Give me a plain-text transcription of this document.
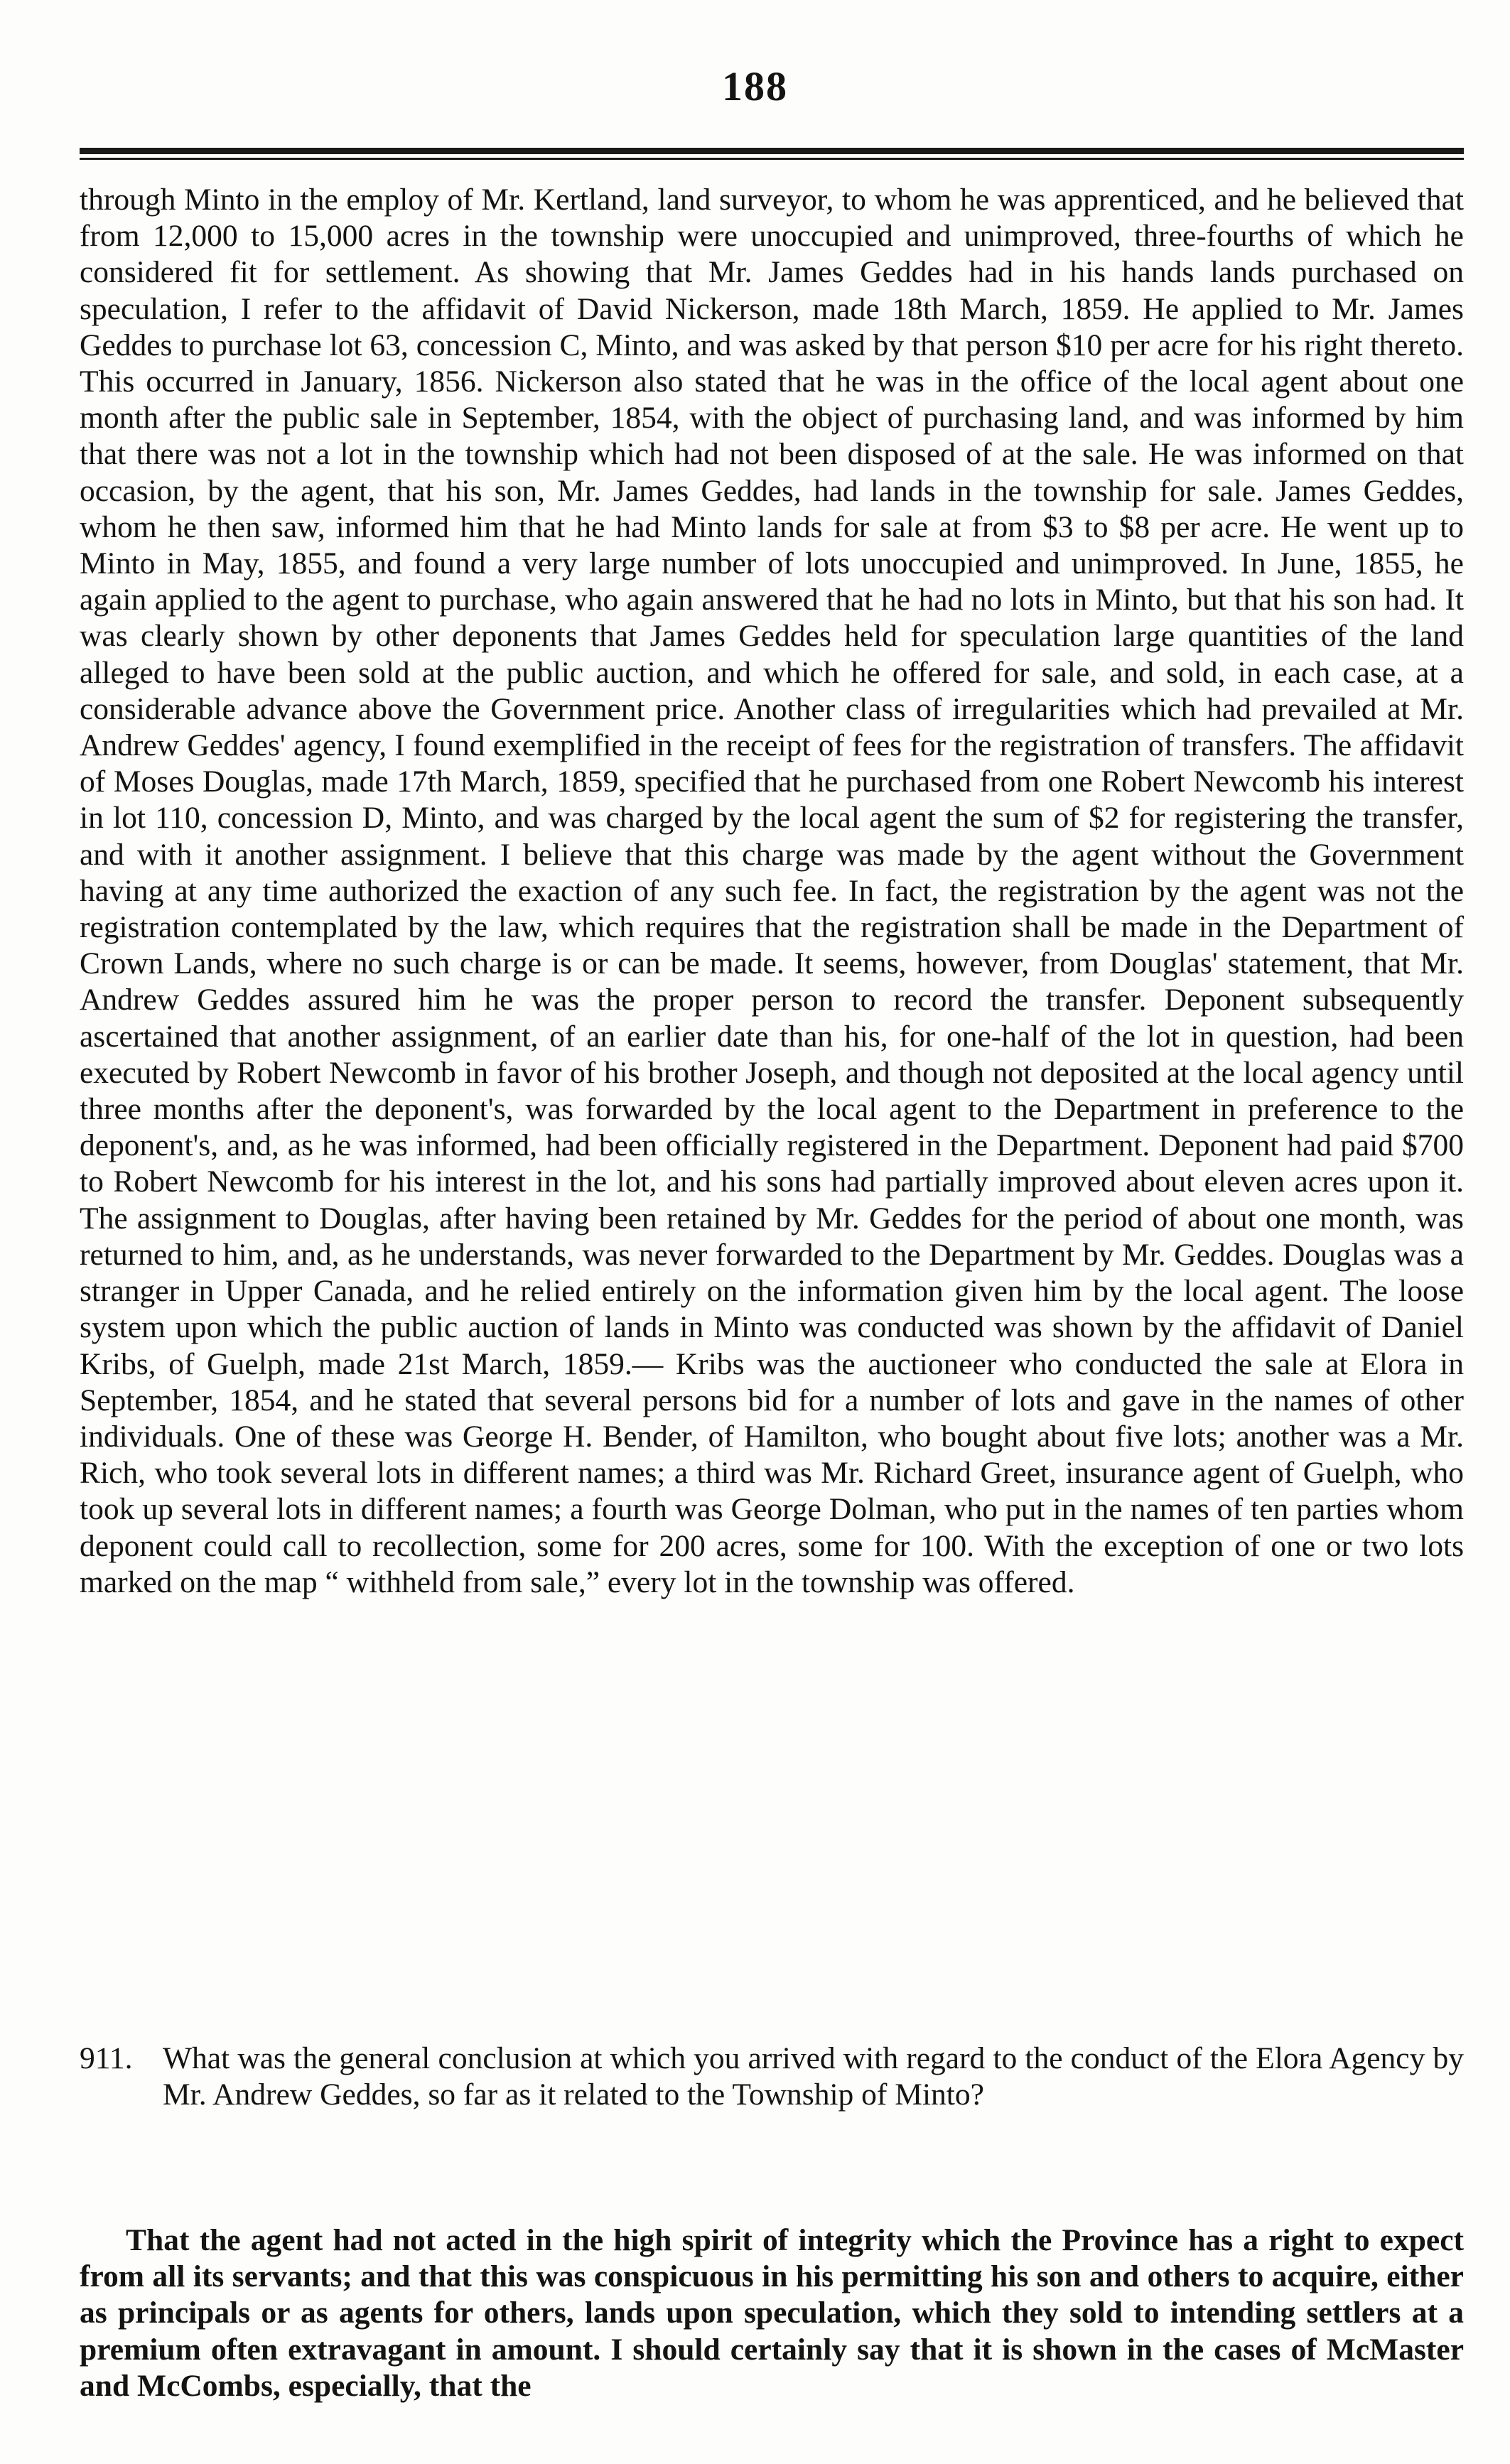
188

through Minto in the employ of Mr. Kertland, land surveyor, to whom he was apprenticed, and he believed that from 12,000 to 15,000 acres in the township were unoccupied and unimproved, three-fourths of which he considered fit for settlement. As showing that Mr. James Geddes had in his hands lands purchased on speculation, I refer to the affidavit of David Nickerson, made 18th March, 1859. He applied to Mr. James Geddes to purchase lot 63, concession C, Minto, and was asked by that person $10 per acre for his right thereto. This occurred in January, 1856. Nickerson also stated that he was in the office of the local agent about one month after the public sale in September, 1854, with the object of purchasing land, and was informed by him that there was not a lot in the township which had not been disposed of at the sale. He was informed on that occasion, by the agent, that his son, Mr. James Geddes, had lands in the township for sale. James Geddes, whom he then saw, informed him that he had Minto lands for sale at from $3 to $8 per acre. He went up to Minto in May, 1855, and found a very large number of lots unoccupied and unimproved. In June, 1855, he again applied to the agent to purchase, who again answered that he had no lots in Minto, but that his son had. It was clearly shown by other deponents that James Geddes held for speculation large quantities of the land alleged to have been sold at the public auction, and which he offered for sale, and sold, in each case, at a considerable advance above the Government price. Another class of irregularities which had prevailed at Mr. Andrew Geddes' agency, I found exemplified in the receipt of fees for the registration of transfers. The affidavit of Moses Douglas, made 17th March, 1859, specified that he purchased from one Robert Newcomb his interest in lot 110, concession D, Minto, and was charged by the local agent the sum of $2 for registering the transfer, and with it another assignment. I believe that this charge was made by the agent without the Government having at any time authorized the exaction of any such fee. In fact, the registration by the agent was not the registration contemplated by the law, which requires that the registration shall be made in the Department of Crown Lands, where no such charge is or can be made. It seems, however, from Douglas' statement, that Mr. Andrew Geddes assured him he was the proper person to record the transfer. Deponent subsequently ascertained that another assignment, of an earlier date than his, for one-half of the lot in question, had been executed by Robert Newcomb in favor of his brother Joseph, and though not deposited at the local agency until three months after the deponent's, was forwarded by the local agent to the Department in preference to the deponent's, and, as he was informed, had been officially registered in the Department. Deponent had paid $700 to Robert Newcomb for his interest in the lot, and his sons had partially improved about eleven acres upon it. The assignment to Douglas, after having been retained by Mr. Geddes for the period of about one month, was returned to him, and, as he understands, was never forwarded to the Department by Mr. Geddes. Douglas was a stranger in Upper Canada, and he relied entirely on the information given him by the local agent. The loose system upon which the public auction of lands in Minto was conducted was shown by the affidavit of Daniel Kribs, of Guelph, made 21st March, 1859.— Kribs was the auctioneer who conducted the sale at Elora in September, 1854, and he stated that several persons bid for a number of lots and gave in the names of other individuals. One of these was George H. Bender, of Hamilton, who bought about five lots; another was a Mr. Rich, who took several lots in different names; a third was Mr. Richard Greet, insurance agent of Guelph, who took up several lots in different names; a fourth was George Dolman, who put in the names of ten parties whom deponent could call to recollection, some for 200 acres, some for 100. With the exception of one or two lots marked on the map “ withheld from sale,” every lot in the township was offered.

911. What was the general conclusion at which you arrived with regard to the conduct of the Elora Agency by Mr. Andrew Geddes, so far as it related to the Township of Minto?

That the agent had not acted in the high spirit of integrity which the Province has a right to expect from all its servants; and that this was conspicuous in his permitting his son and others to acquire, either as principals or as agents for others, lands upon speculation, which they sold to intending settlers at a premium often extravagant in amount. I should certainly say that it is shown in the cases of McMaster and McCombs, especially, that the
